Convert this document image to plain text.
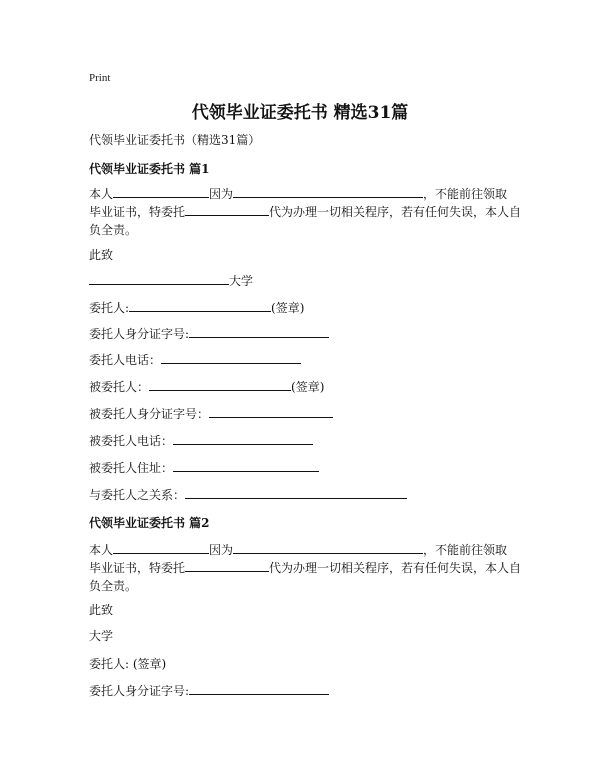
Print
代领毕业证委托书 精选31篇
代领毕业证委托书（精选31篇）
代领毕业证委托书 篇1
本人	因为	，不能前往领取
毕业证书，特委托	代为办理一切相关程序，若有任何失误，本人自
负全责。
此致
大学
委托人:	(签章)
委托人身分证字号:
委托人电话：
被委托人：	(签章)
被委托人身分证字号：
被委托人电话：
被委托人住址：
与委托人之关系：
代领毕业证委托书 篇2
本人	因为	，不能前往领取
毕业证书，特委托	代为办理一切相关程序，若有任何失误，本人自
负全责。
此致
大学
委托人: (签章)
委托人身分证字号:
